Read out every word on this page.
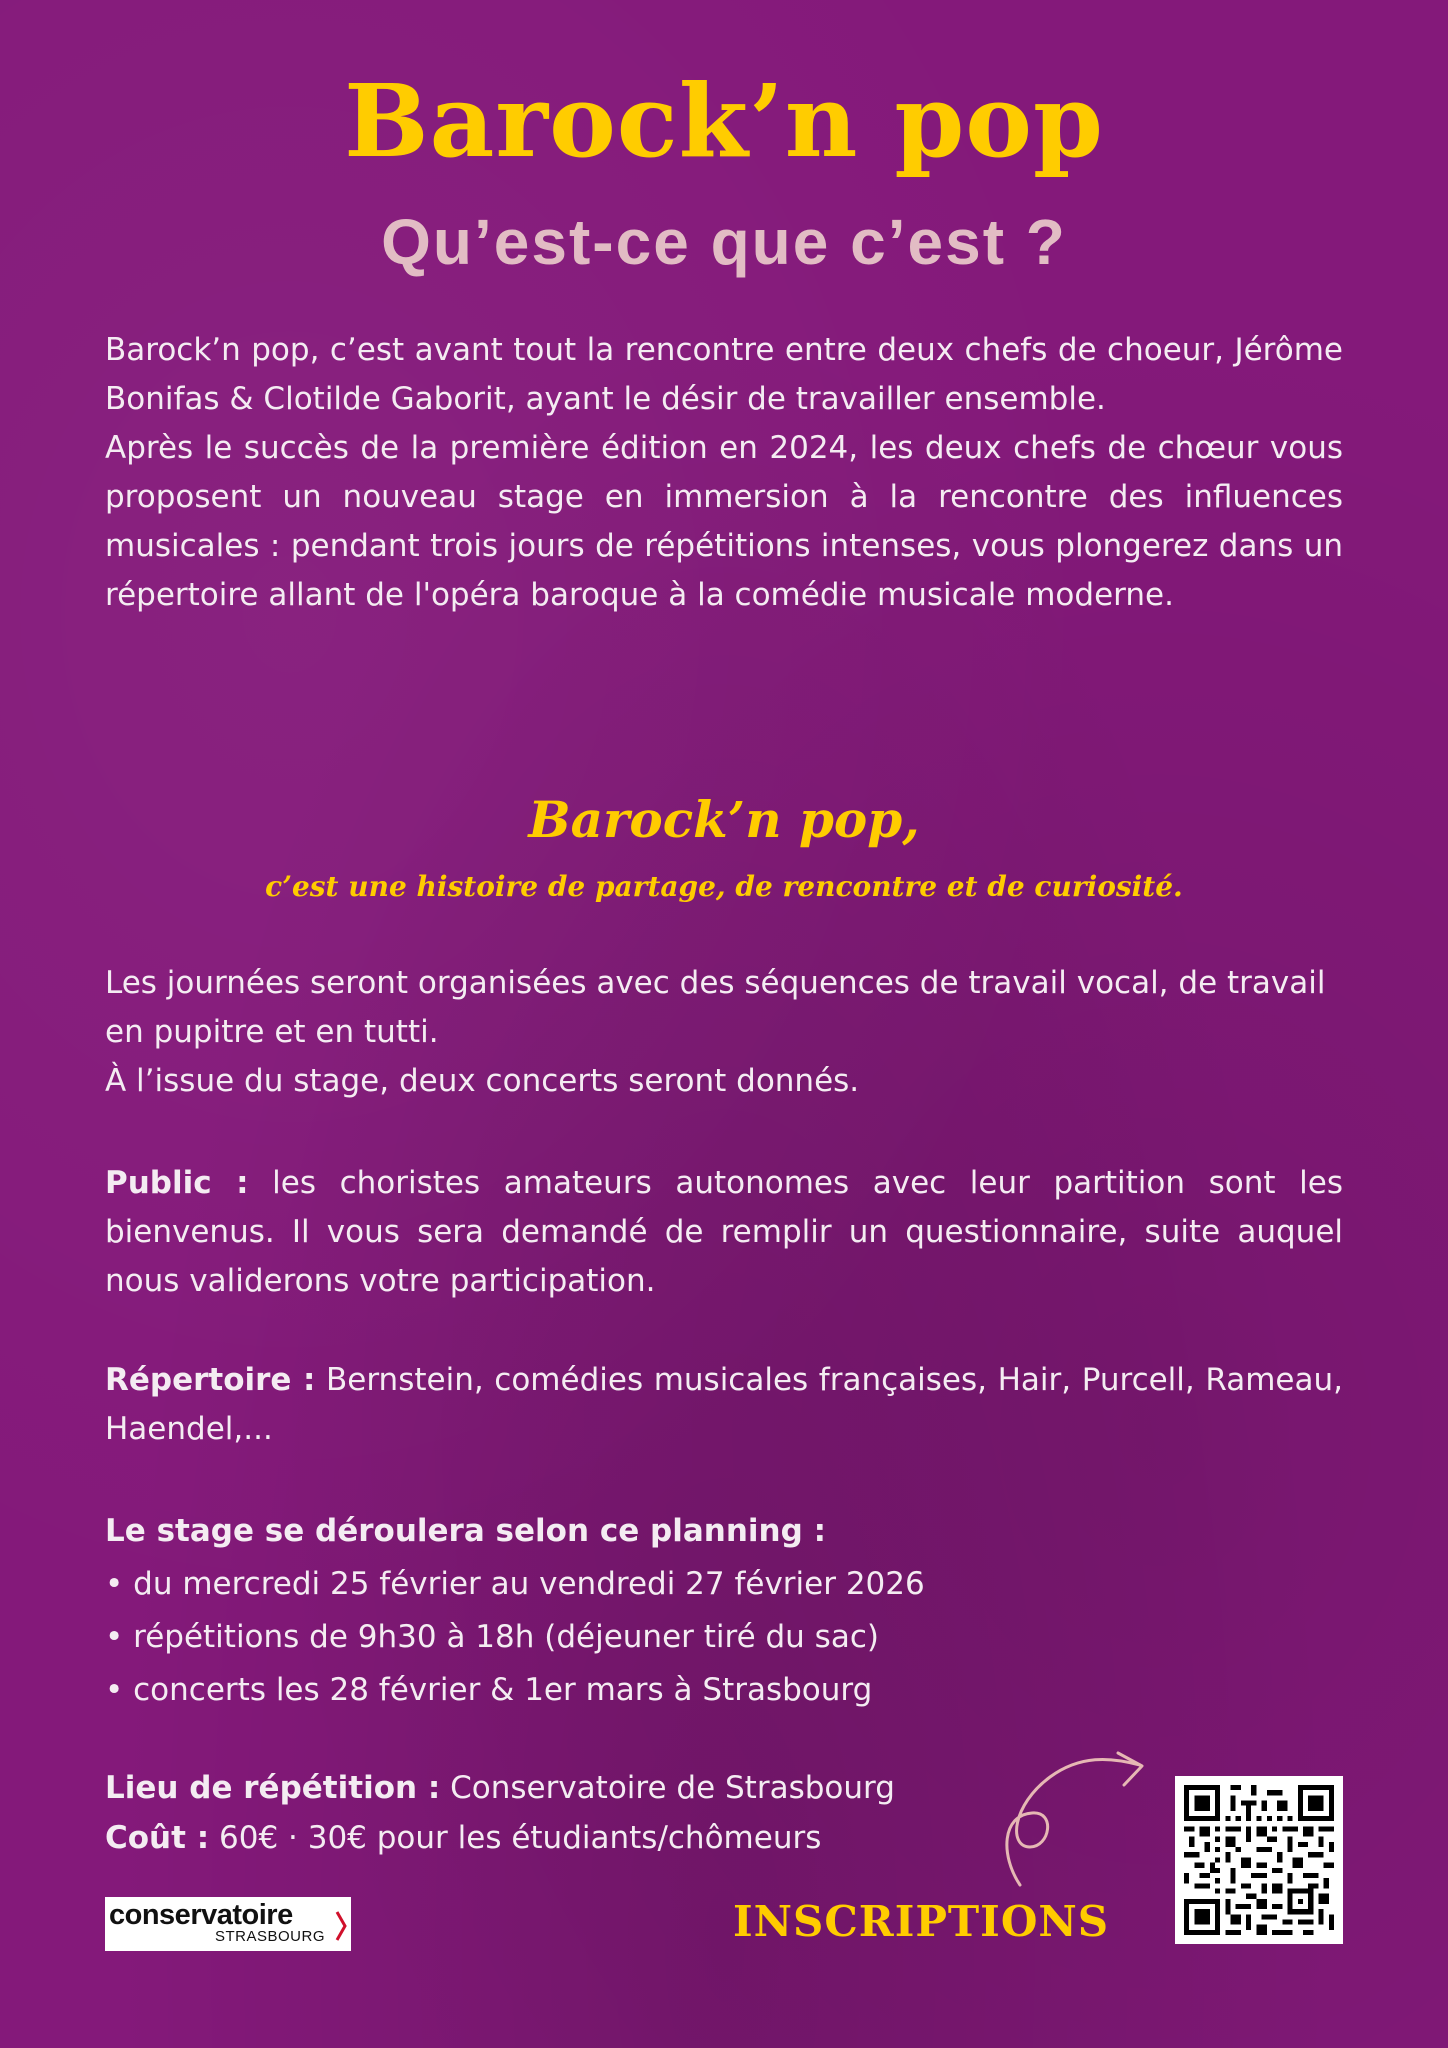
Barock’n pop
Qu’est-ce que c’est ?

Barock’n pop, c’est avant tout la rencontre entre deux chefs de choeur, Jérôme Bonifas & Clotilde Gaborit, ayant le désir de travailler ensemble.

Après le succès de la première édition en 2024, les deux chefs de chœur vous proposent un nouveau stage en immersion à la rencontre des influences musicales : pendant trois jours de répétitions intenses, vous plongerez dans un répertoire allant de l'opéra baroque à la comédie musicale moderne.

Barock’n pop,
c’est une histoire de partage, de rencontre et de curiosité.

Les journées seront organisées avec des séquences de travail vocal, de travail en pupitre et en tutti.

À l’issue du stage, deux concerts seront donnés.

Public : les choristes amateurs autonomes avec leur partition sont les bienvenus. Il vous sera demandé de remplir un questionnaire, suite auquel nous validerons votre participation.

Répertoire : Bernstein, comédies musicales françaises, Hair, Purcell, Rameau, Haendel,...

Le stage se déroulera selon ce planning :

• du mercredi 25 février au vendredi 27 février 2026

• répétitions de 9h30 à 18h (déjeuner tiré du sac)

• concerts les 28 février & 1er mars à Strasbourg

Lieu de répétition : Conservatoire de Strasbourg

Coût : 60€ · 30€ pour les étudiants/chômeurs

conservatoire
STRASBOURG	INSCRIPTIONS
